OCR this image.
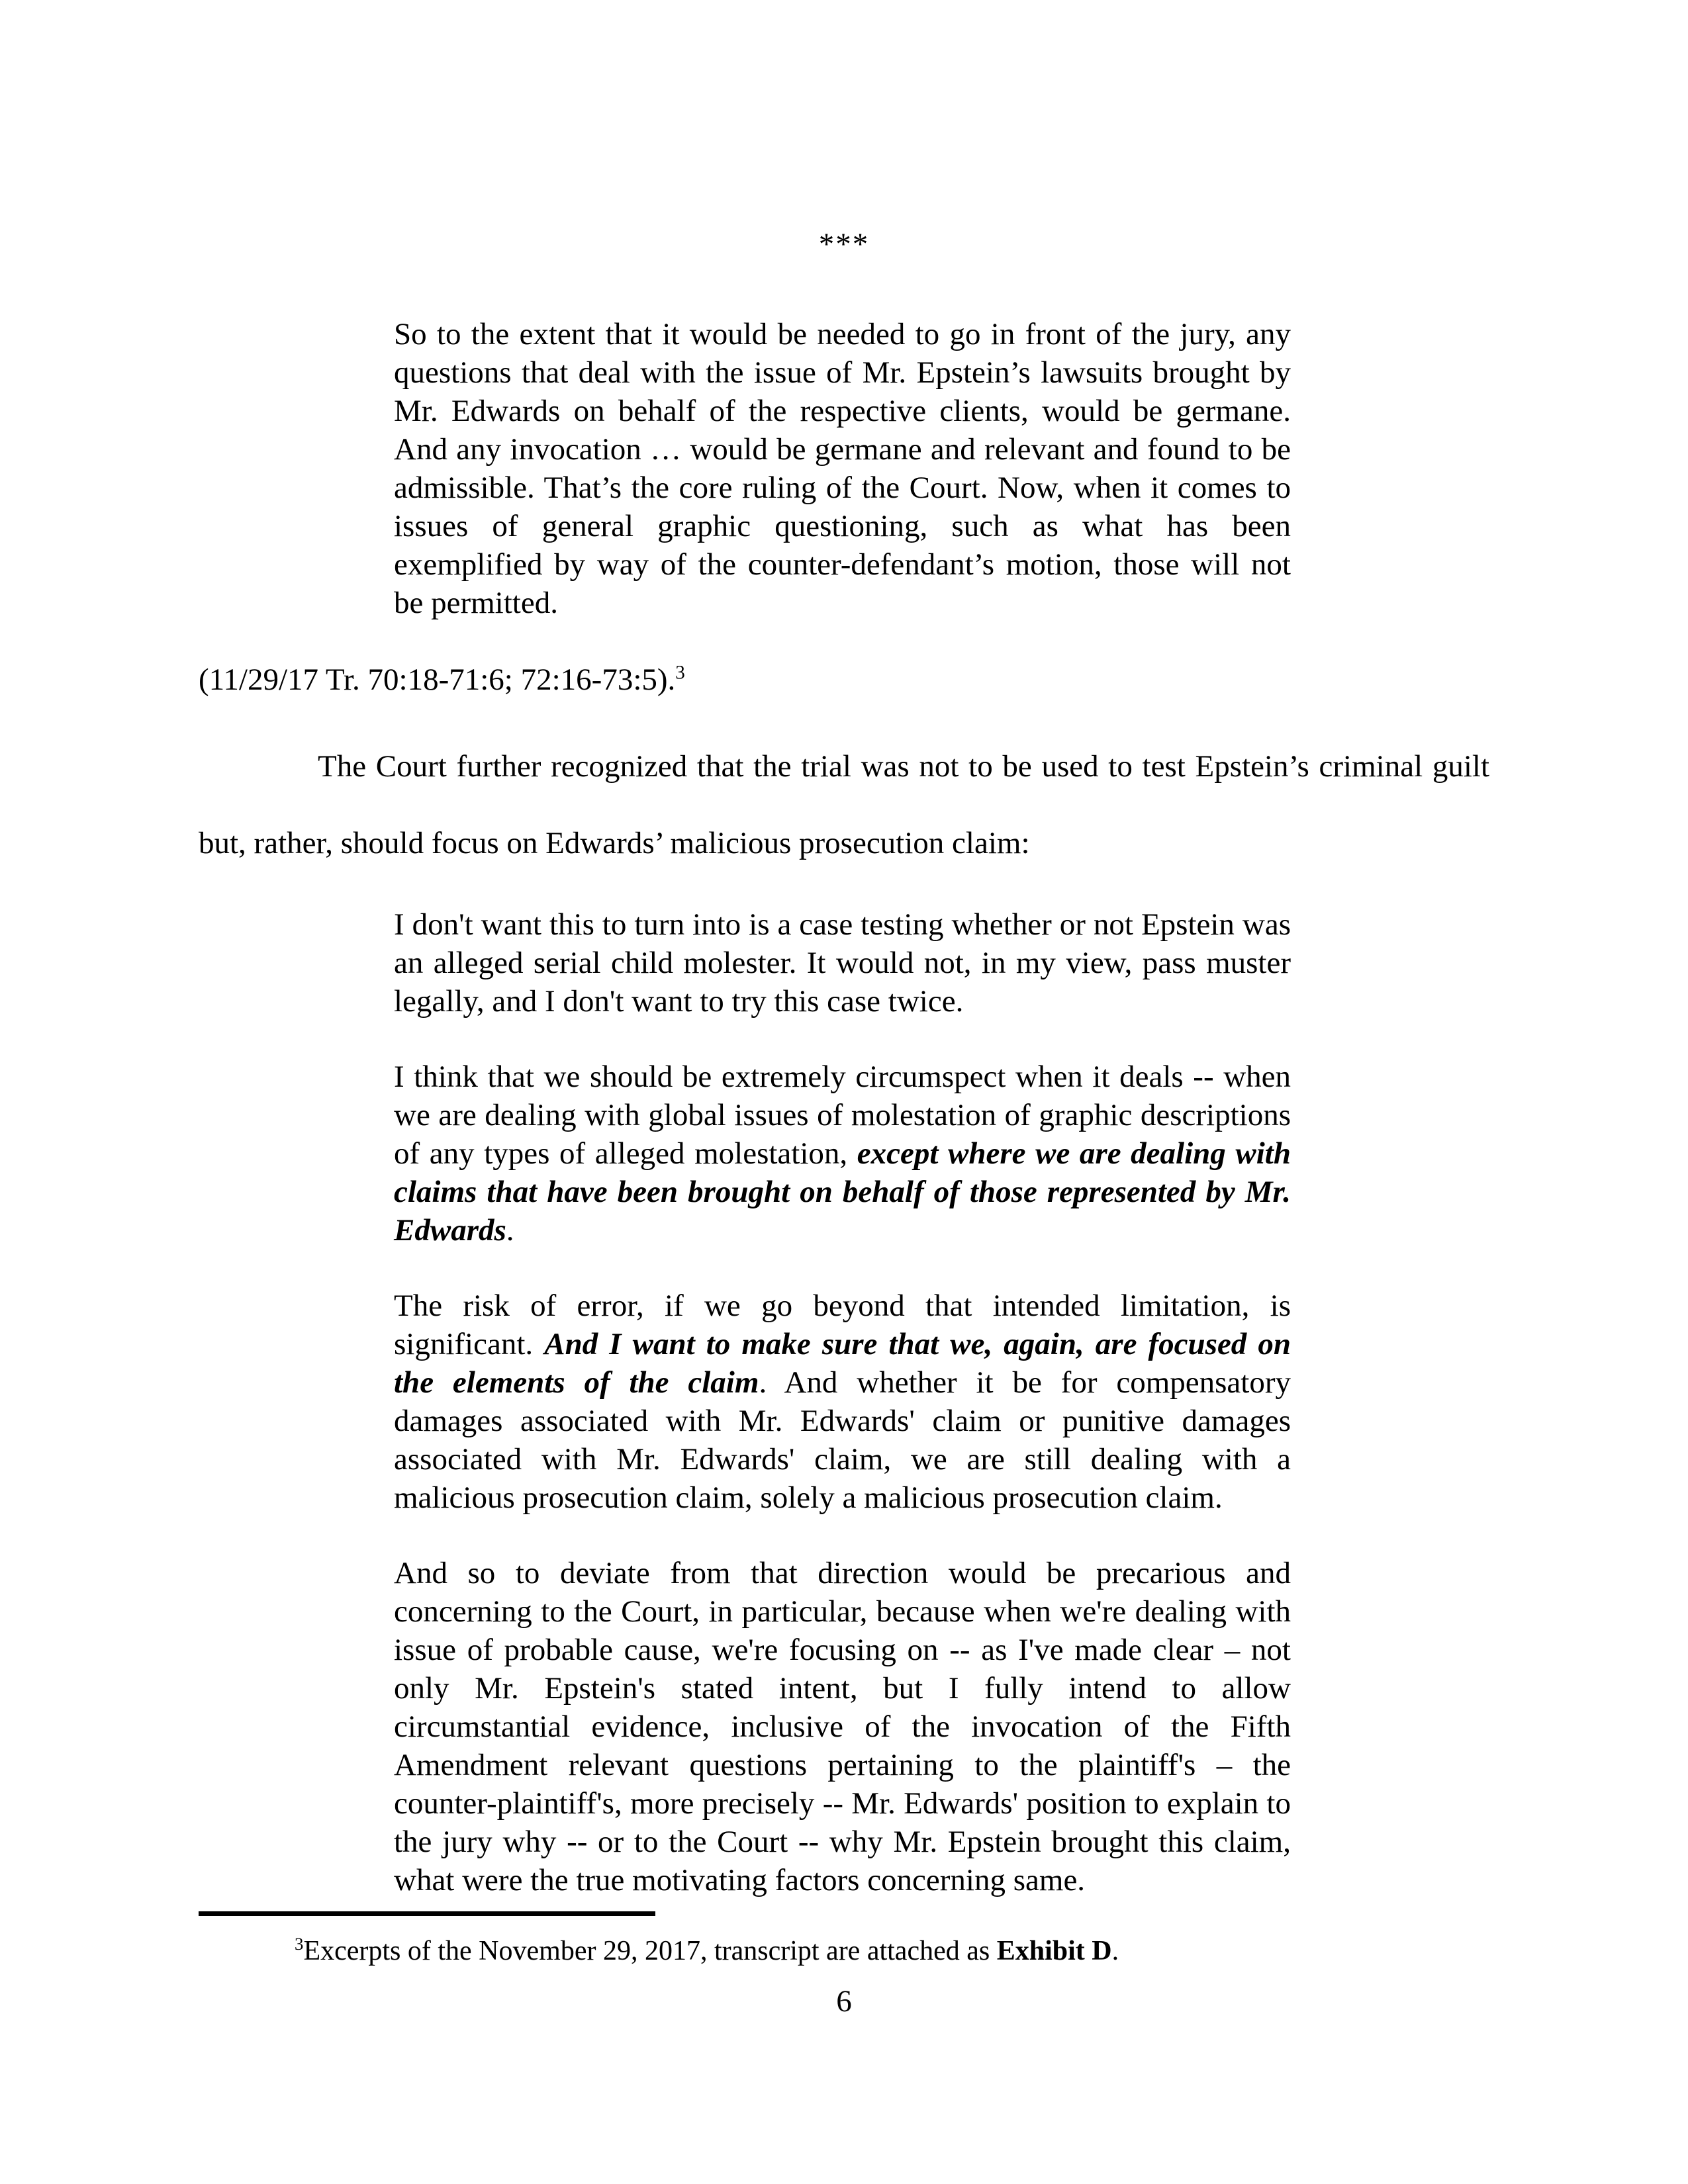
***

So to the extent that it would be needed to go in front of the jury, any questions that deal with the issue of Mr. Epstein’s lawsuits brought by Mr. Edwards on behalf of the respective clients, would be germane. And any invocation … would be germane and relevant and found to be admissible. That’s the core ruling of the Court. Now, when it comes to issues of general graphic questioning, such as what has been exemplified by way of the counter-defendant’s motion, those will not be permitted.

(11/29/17 Tr. 70:18-71:6; 72:16-73:5).$^3$

The Court further recognized that the trial was not to be used to test Epstein’s criminal guilt but, rather, should focus on Edwards’ malicious prosecution claim:

I don't want this to turn into is a case testing whether or not Epstein was an alleged serial child molester. It would not, in my view, pass muster legally, and I don't want to try this case twice.

I think that we should be extremely circumspect when it deals -- when we are dealing with global issues of molestation of graphic descriptions of any types of alleged molestation, except where we are dealing with claims that have been brought on behalf of those represented by Mr. Edwards.

The risk of error, if we go beyond that intended limitation, is significant. And I want to make sure that we, again, are focused on the elements of the claim. And whether it be for compensatory damages associated with Mr. Edwards' claim or punitive damages associated with Mr. Edwards' claim, we are still dealing with a malicious prosecution claim, solely a malicious prosecution claim.

And so to deviate from that direction would be precarious and concerning to the Court, in particular, because when we're dealing with issue of probable cause, we're focusing on -- as I've made clear – not only Mr. Epstein's stated intent, but I fully intend to allow circumstantial evidence, inclusive of the invocation of the Fifth Amendment relevant questions pertaining to the plaintiff's – the counter-plaintiff's, more precisely -- Mr. Edwards' position to explain to the jury why -- or to the Court -- why Mr. Epstein brought this claim, what were the true motivating factors concerning same.

$^3$Excerpts of the November 29, 2017, transcript are attached as Exhibit D.

6
